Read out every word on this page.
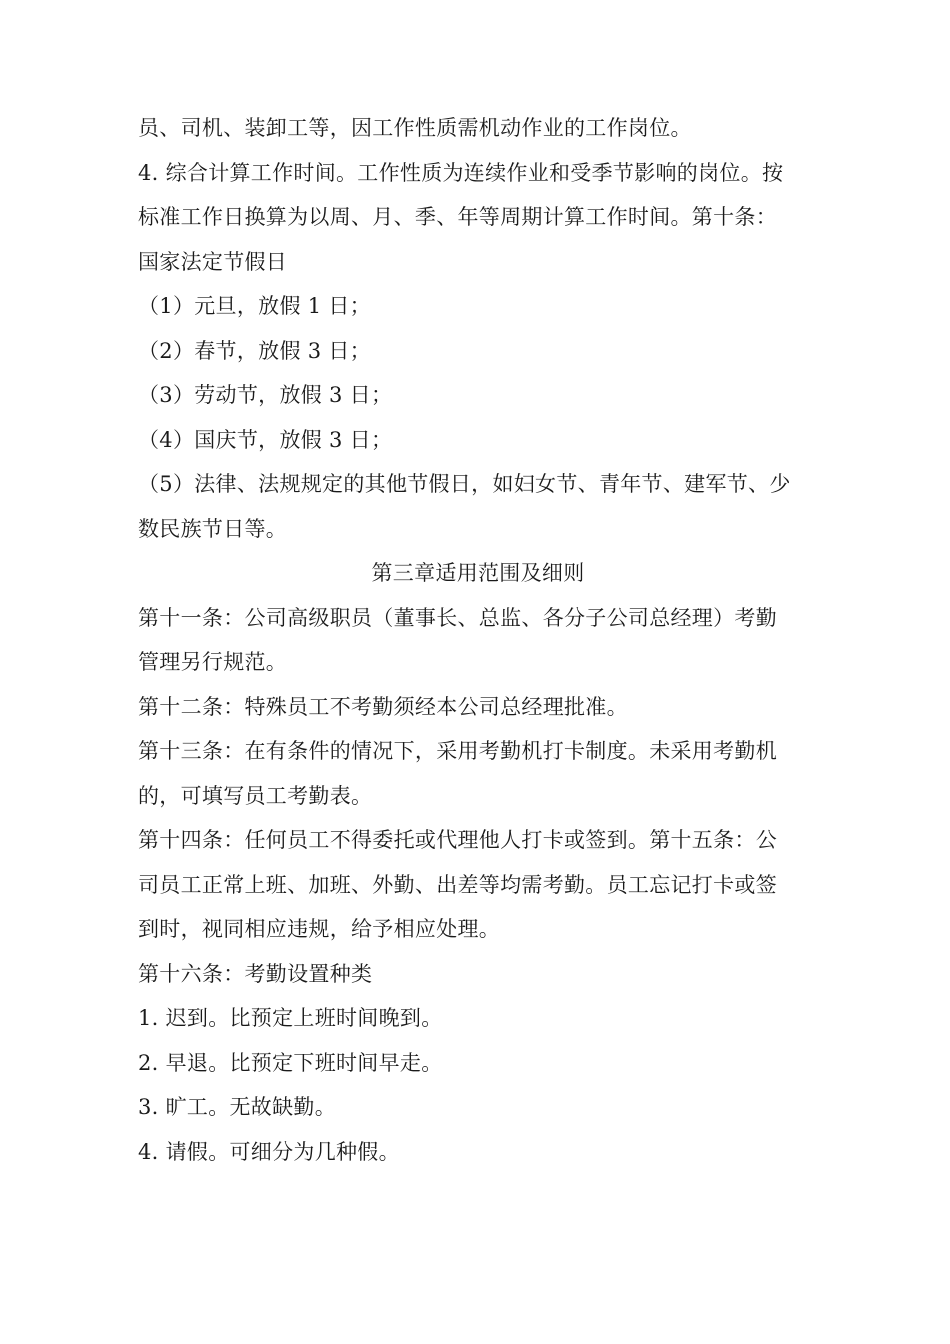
员、司机、装卸工等，因工作性质需机动作业的工作岗位。
4. 综合计算工作时间。工作性质为连续作业和受季节影响的岗位。按
标准工作日换算为以周、月、季、年等周期计算工作时间。第十条：
国家法定节假日
（1）元旦，放假 1 日；
（2）春节，放假 3 日；
（3）劳动节，放假 3 日；
（4）国庆节，放假 3 日；
（5）法律、法规规定的其他节假日，如妇女节、青年节、建军节、少
数民族节日等。
第三章适用范围及细则
第十一条：公司高级职员（董事长、总监、各分子公司总经理）考勤
管理另行规范。
第十二条：特殊员工不考勤须经本公司总经理批准。
第十三条：在有条件的情况下，采用考勤机打卡制度。未采用考勤机
的，可填写员工考勤表。
第十四条：任何员工不得委托或代理他人打卡或签到。第十五条：公
司员工正常上班、加班、外勤、出差等均需考勤。员工忘记打卡或签
到时，视同相应违规，给予相应处理。
第十六条：考勤设置种类
1. 迟到。比预定上班时间晚到。
2. 早退。比预定下班时间早走。
3. 旷工。无故缺勤。
4. 请假。可细分为几种假。
